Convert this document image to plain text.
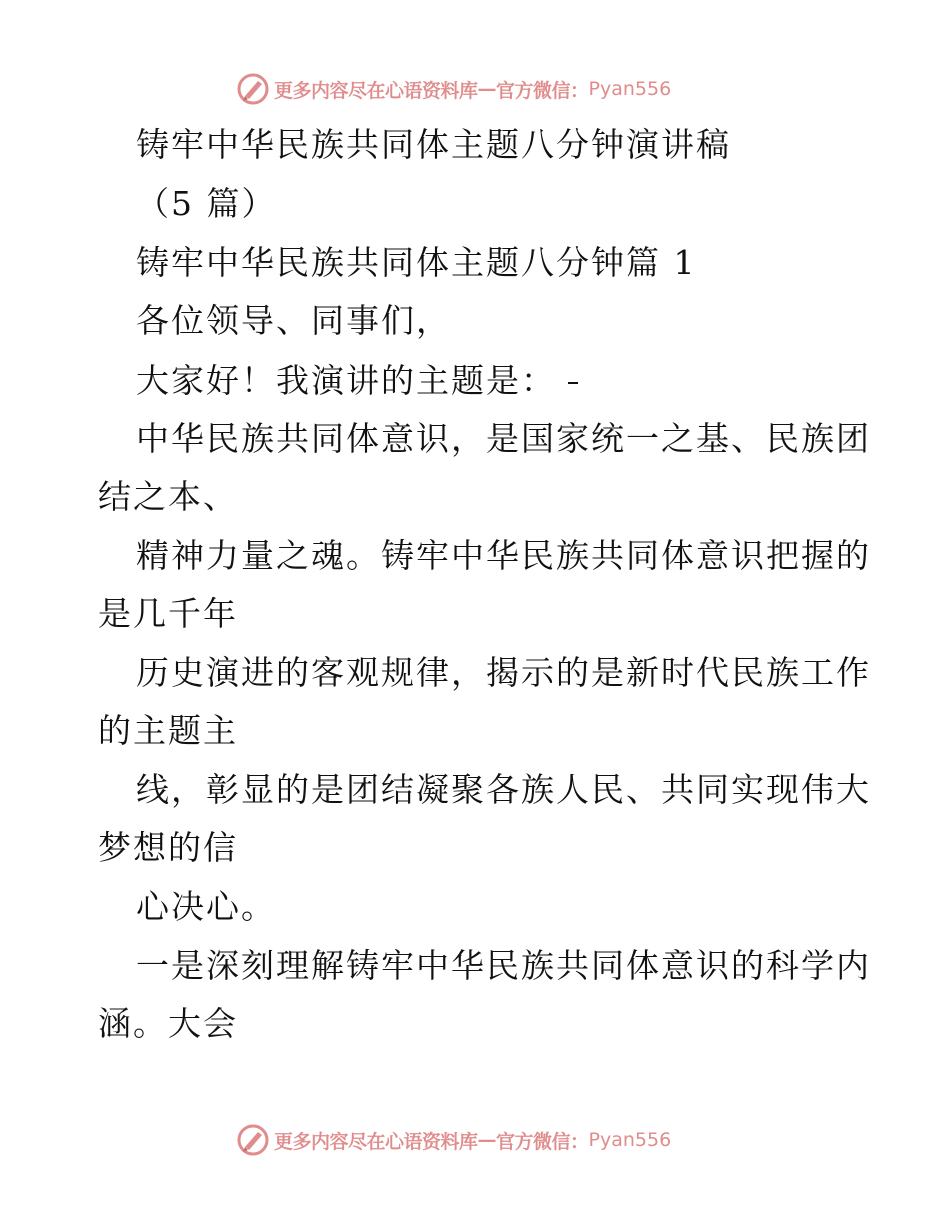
更多内容尽在心语资料库 — 官方微信： Pyan556
铸牢中华民族共同体主题八分钟演讲稿
（5 篇）
铸牢中华民族共同体主题八分钟篇 1
各位领导、同事们，
大家好！我演讲的主题是：
中华民族共同体意识，是国家统一之基、民族团
结之本、
精神力量之魂。铸牢中华民族共同体意识把握的
是几千年
历史演进的客观规律，揭示的是新时代民族工作
的主题主
线，彰显的是团结凝聚各族人民、共同实现伟大
梦想的信
心决心。
一是深刻理解铸牢中华民族共同体意识的科学内
涵。大会
更多内容尽在心语资料库 — 官方微信： Pyan556
